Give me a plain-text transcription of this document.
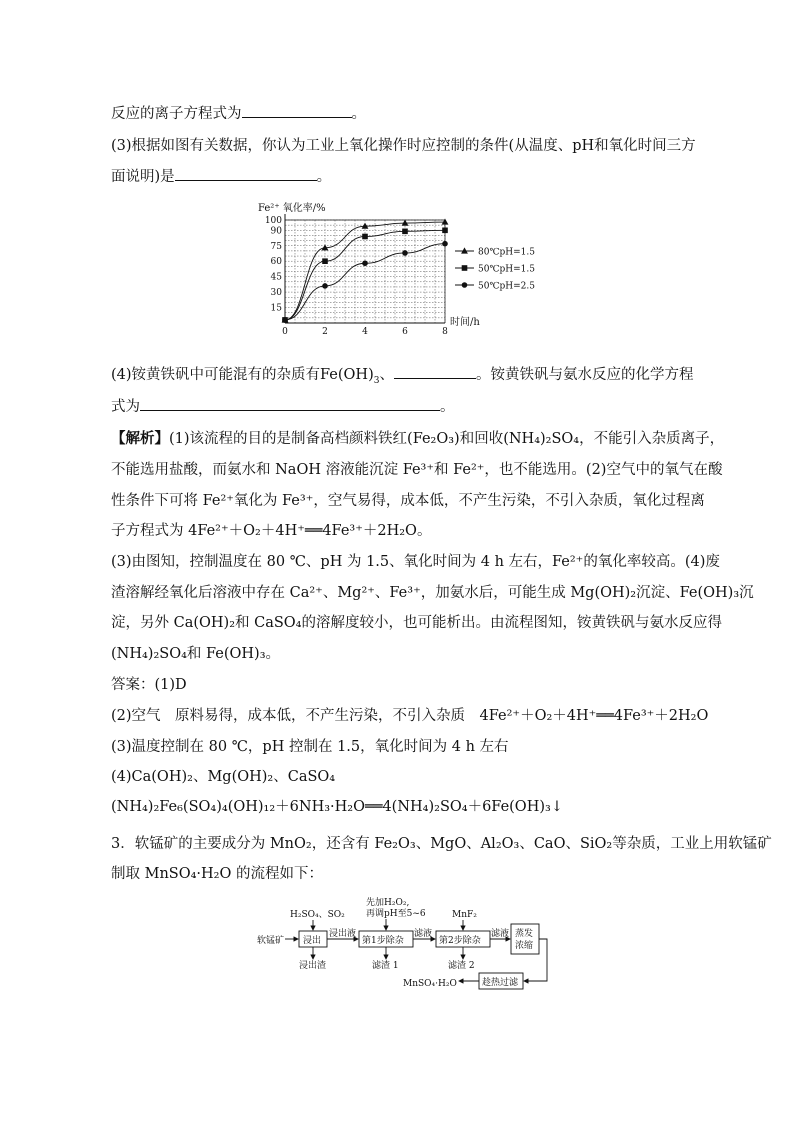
反应的离子方程式为	。
(3)根据如图有关数据，你认为工业上氧化操作时应控制的条件(从温度、pH和氧化时间三方
面说明)是	。
Fe²⁺ 氧化率/%
0	2	4	6	8
15
30
45
60
75
90
100
80℃pH=1.5
50℃pH=1.5
50℃pH=2.5
时间/h
(4)铵黄铁矾中可能混有的杂质有$Fe(OH)_3$、	。铵黄铁矾与氨水反应的化学方程
式为	。
【解析】(1)该流程的目的是制备高档颜料铁红(Fe₂O₃)和回收(NH₄)₂SO₄，不能引入杂质离子，
不能选用盐酸，而氨水和 NaOH 溶液能沉淀 Fe³⁺和 Fe²⁺，也不能选用。(2)空气中的氧气在酸
性条件下可将 Fe²⁺氧化为 Fe³⁺，空气易得，成本低，不产生污染，不引入杂质，氧化过程离
子方程式为 4Fe²⁺＋O₂＋4H⁺══4Fe³⁺＋2H₂O。
(3)由图知，控制温度在 80 ℃、pH 为 1.5、氧化时间为 4 h 左右，Fe²⁺的氧化率较高。(4)废
渣溶解经氧化后溶液中存在 Ca²⁺、Mg²⁺、Fe³⁺，加氨水后，可能生成 Mg(OH)₂沉淀、Fe(OH)₃沉
淀，另外 Ca(OH)₂和 CaSO₄的溶解度较小，也可能析出。由流程图知，铵黄铁矾与氨水反应得
(NH₄)₂SO₄和 Fe(OH)₃。
答案：(1)D
(2)空气　原料易得，成本低，不产生污染，不引入杂质　4Fe²⁺＋O₂＋4H⁺══4Fe³⁺＋2H₂O
(3)温度控制在 80 ℃，pH 控制在 1.5，氧化时间为 4 h 左右
(4)Ca(OH)₂、Mg(OH)₂、CaSO₄
(NH₄)₂Fe₆(SO₄)₄(OH)₁₂＋6NH₃·H₂O══4(NH₄)₂SO₄＋6Fe(OH)₃↓
3．软锰矿的主要成分为 MnO₂，还含有 Fe₂O₃、MgO、Al₂O₃、CaO、SiO₂等杂质，工业上用软锰矿
制取 MnSO₄·H₂O 的流程如下：
软锰矿
H₂SO₄、SO₂
浸出液
浸出渣
先加H₂O₂,
再调pH至5~6
滤液
滤渣 1
MnF₂
滤液
滤渣 2
MnSO₄·H₂O
浸出	第1步除杂	第2步除杂
蒸发
浓缩
趁热过滤
